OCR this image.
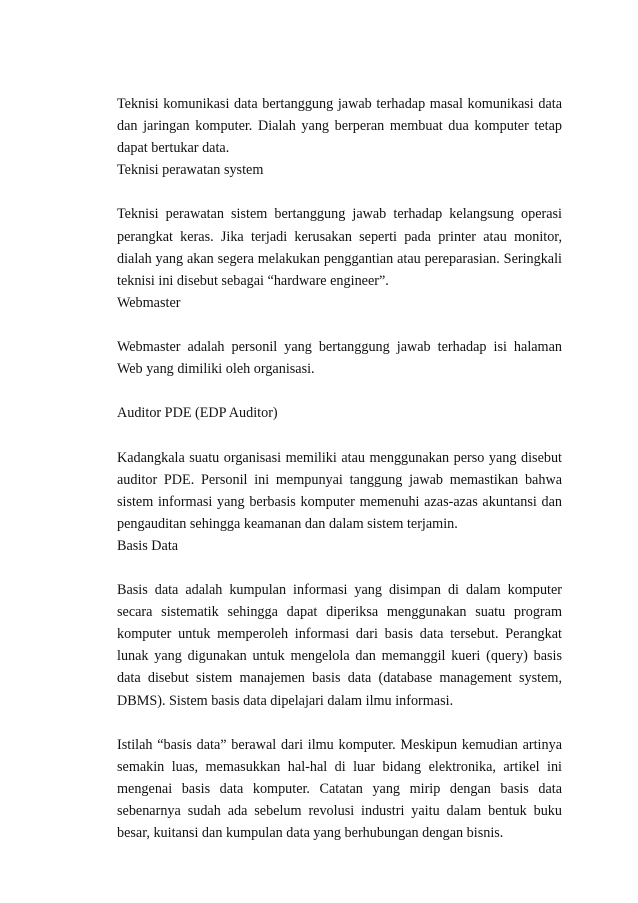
Teknisi komunikasi data bertanggung jawab terhadap masal komunikasi data dan jaringan komputer. Dialah yang berperan membuat dua komputer tetap dapat bertukar data.

Teknisi perawatan system

Teknisi perawatan sistem bertanggung jawab terhadap kelangsung operasi perangkat keras. Jika terjadi kerusakan seperti pada printer atau monitor, dialah yang akan segera melakukan penggantian atau pereparasian. Seringkali teknisi ini disebut sebagai “hardware engineer”.

Webmaster

Webmaster adalah personil yang bertanggung jawab terhadap isi halaman Web yang dimiliki oleh organisasi.

Auditor PDE (EDP Auditor)

Kadangkala suatu organisasi memiliki atau menggunakan perso yang disebut auditor PDE. Personil ini mempunyai tanggung jawab memastikan bahwa sistem informasi yang berbasis komputer memenuhi azas-azas akuntansi dan pengauditan sehingga keamanan dan dalam sistem terjamin.

Basis Data

Basis data adalah kumpulan informasi yang disimpan di dalam komputer secara sistematik sehingga dapat diperiksa menggunakan suatu program komputer untuk memperoleh informasi dari basis data tersebut. Perangkat lunak yang digunakan untuk mengelola dan memanggil kueri (query) basis data disebut sistem manajemen basis data (database management system, DBMS). Sistem basis data dipelajari dalam ilmu informasi.

Istilah “basis data” berawal dari ilmu komputer. Meskipun kemudian artinya semakin luas, memasukkan hal-hal di luar bidang elektronika, artikel ini mengenai basis data komputer. Catatan yang mirip dengan basis data sebenarnya sudah ada sebelum revolusi industri yaitu dalam bentuk buku besar, kuitansi dan kumpulan data yang berhubungan dengan bisnis.
